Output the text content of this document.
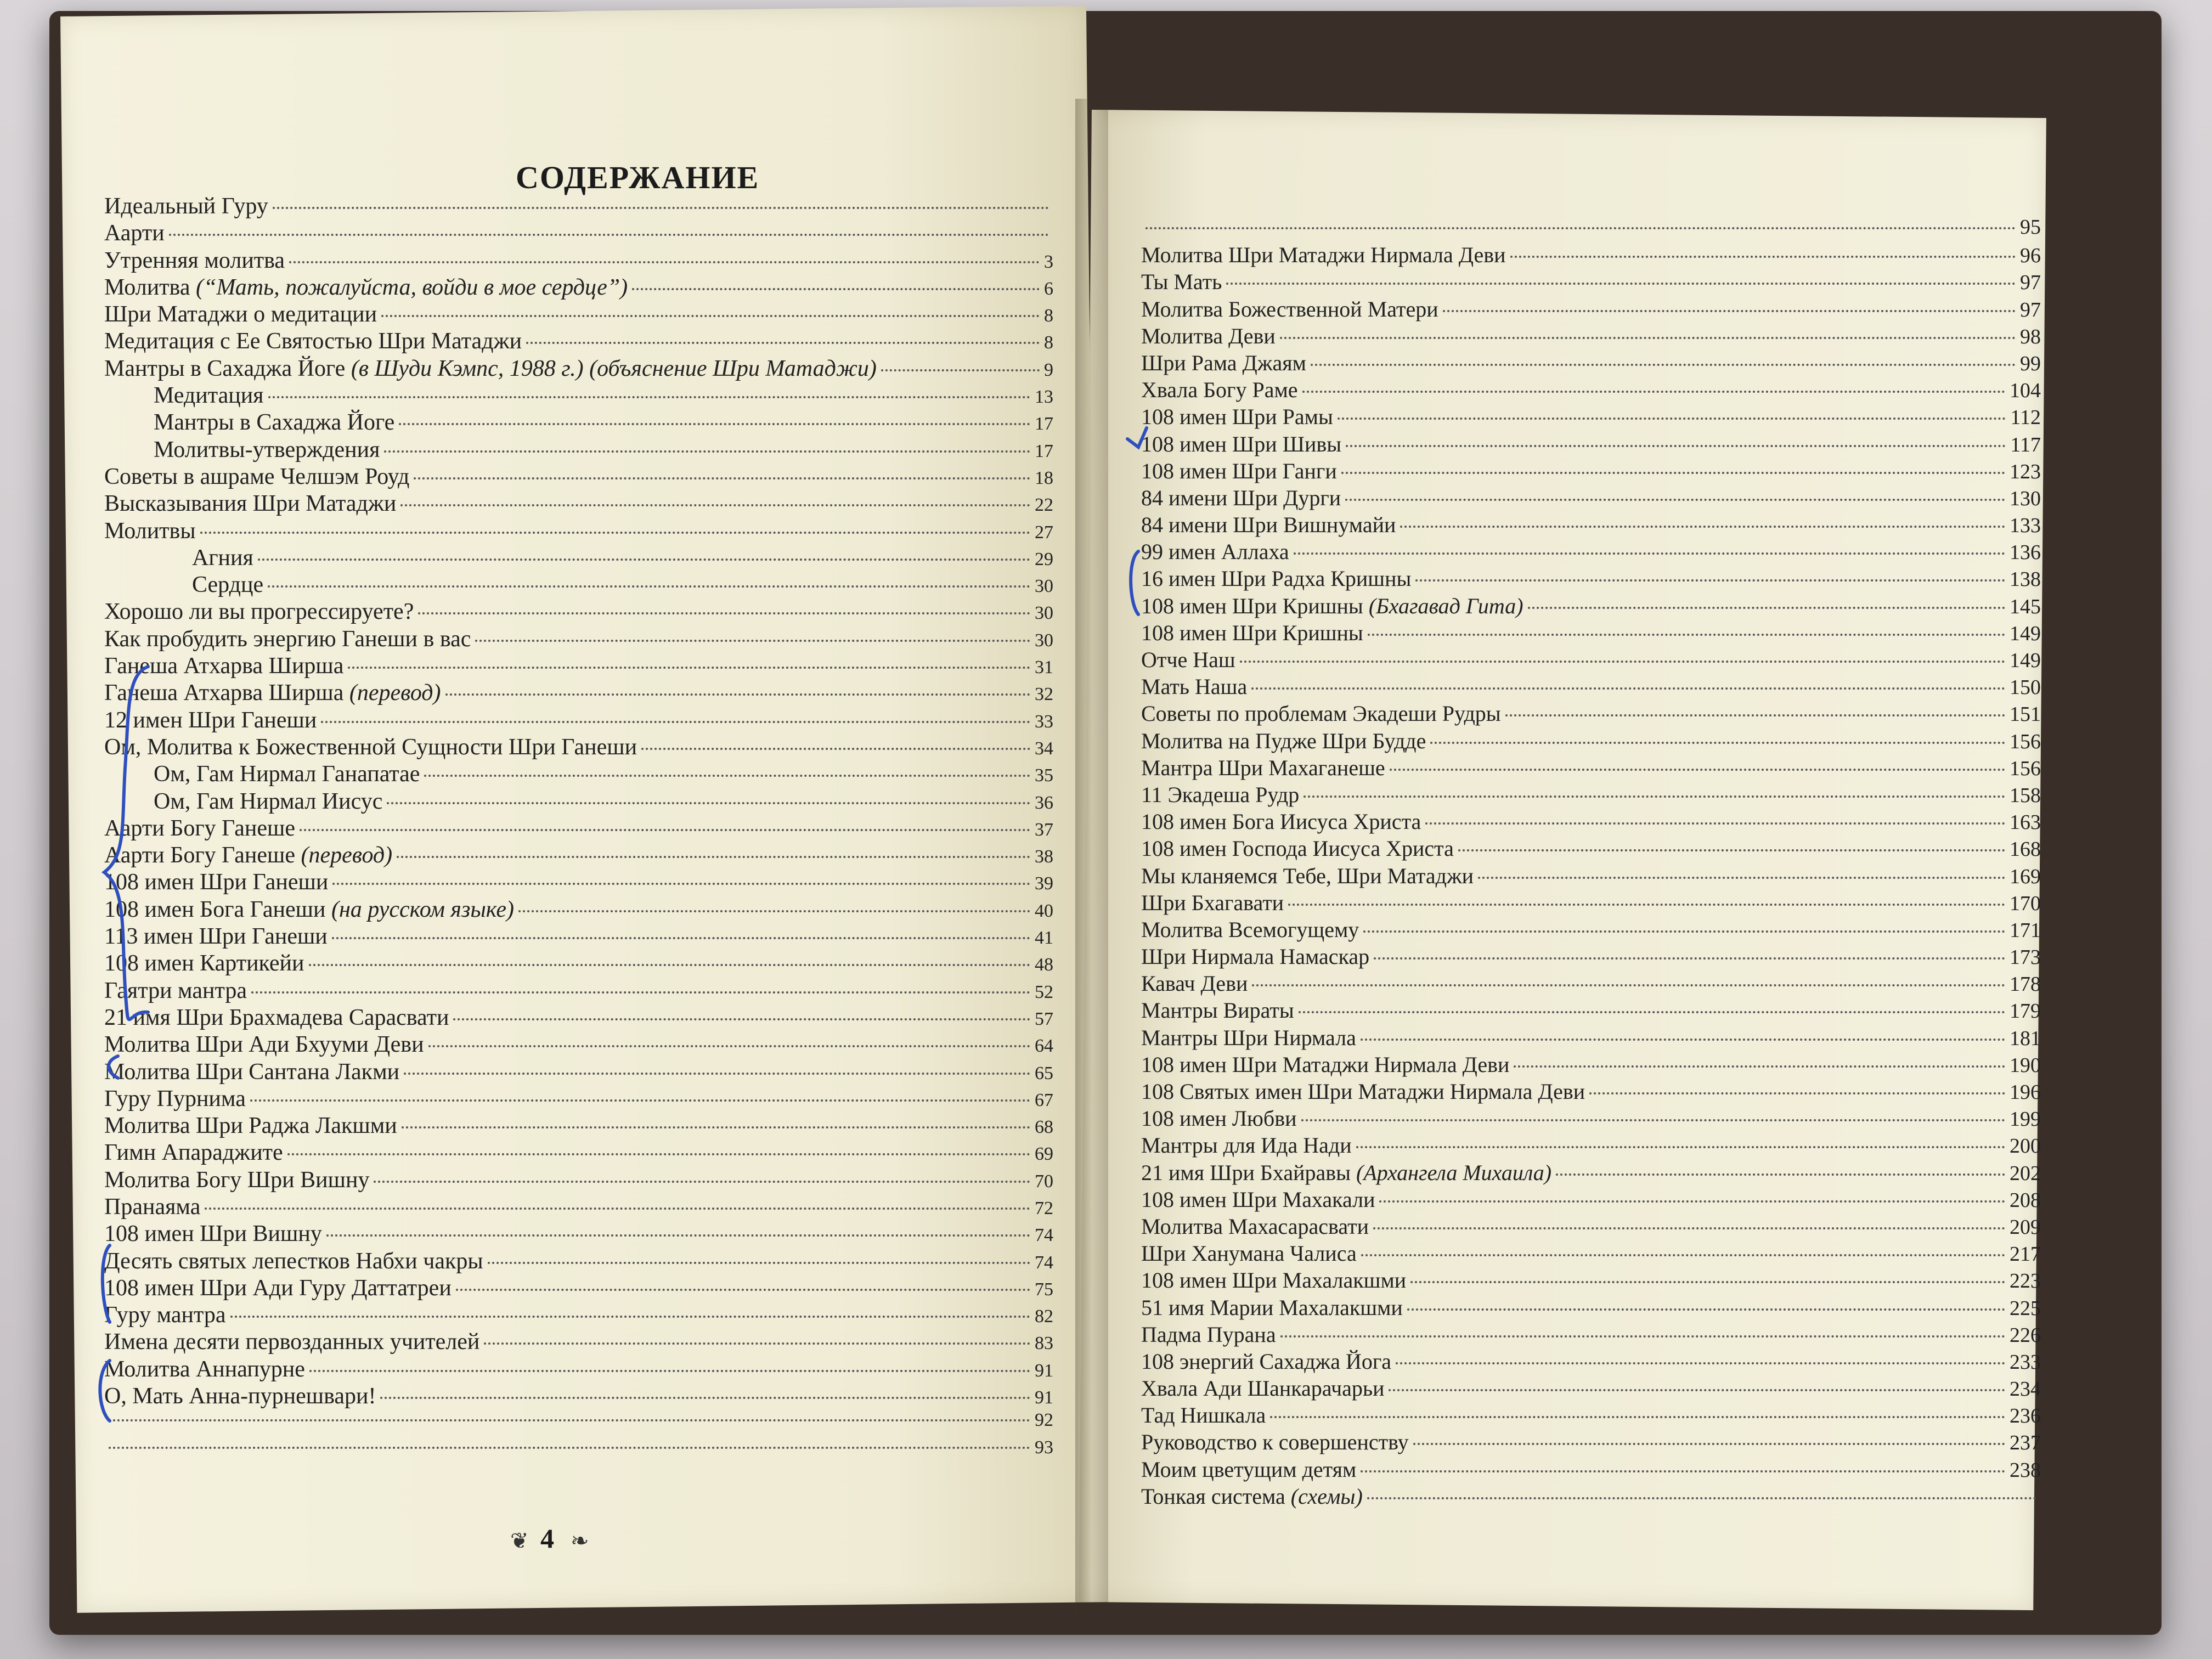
СОДЕРЖАНИЕ
Идеальный Гуру
Аарти
Утренняя молитва	3
Молитва (“Мать, пожалуйста, войди в мое сердце”)	6
Шри Матаджи о медитации	8
Медитация с Ее Святостью Шри Матаджи	8
Мантры в Сахаджа Йоге (в Шуди Кэмпс, 1988 г.) (объяснение Шри Матаджи)	9
Медитация	13
Мантры в Сахаджа Йоге	17
Молитвы-утверждения	17
Советы в ашраме Челшэм Роуд	18
Высказывания Шри Матаджи	22
Молитвы	27
Агния	29
Сердце	30
Хорошо ли вы прогрессируете?	30
Как пробудить энергию Ганеши в вас	30
Ганеша Атхарва Ширша	31
Ганеша Атхарва Ширша (перевод)	32
12 имен Шри Ганеши	33
Ом, Молитва к Божественной Сущности Шри Ганеши	34
Ом, Гам Нирмал Ганапатае	35
Ом, Гам Нирмал Иисус	36
Аарти Богу Ганеше	37
Аарти Богу Ганеше (перевод)	38
108 имен Шри Ганеши	39
108 имен Бога Ганеши (на русском языке)	40
113 имен Шри Ганеши	41
108 имен Картикейи	48
Гаятри мантра	52
21 имя Шри Брахмадева Сарасвати	57
Молитва Шри Ади Бхууми Деви	64
Молитва Шри Сантана Лакми	65
Гуру Пурнима	67
Молитва Шри Раджа Лакшми	68
Гимн Апараджите	69
Молитва Богу Шри Вишну	70
Пранаяма	72
108 имен Шри Вишну	74
Десять святых лепестков Набхи чакры	74
108 имен Шри Ади Гуру Даттатреи	75
Гуру мантра	82
Имена десяти первозданных учителей	83
Молитва Аннапурне	91
О, Мать Анна-пурнешвари!	91
92
93
95
Молитва Шри Матаджи Нирмала Деви	96
Ты Мать	97
Молитва Божественной Матери	97
Молитва Деви	98
Шри Рама Джаям	99
Хвала Богу Раме	104
108 имен Шри Рамы	112
108 имен Шри Шивы	117
108 имен Шри Ганги	123
84 имени Шри Дурги	130
84 имени Шри Вишнумайи	133
99 имен Аллаха	136
16 имен Шри Радха Кришны	138
108 имен Шри Кришны (Бхагавад Гита)	145
108 имен Шри Кришны	149
Отче Наш	149
Мать Наша	150
Советы по проблемам Экадеши Рудры	151
Молитва на Пудже Шри Будде	156
Мантра Шри Махаганеше	156
11 Экадеша Рудр	158
108 имен Бога Иисуса Христа	163
108 имен Господа Иисуса Христа	168
Мы кланяемся Тебе, Шри Матаджи	169
Шри Бхагавати	170
Молитва Всемогущему	171
Шри Нирмала Намаскар	173
Кавач Деви	178
Мантры Вираты	179
Мантры Шри Нирмала	181
108 имен Шри Матаджи Нирмала Деви	190
108 Святых имен Шри Матаджи Нирмала Деви	196
108 имен Любви	199
Мантры для Ида Нади	200
21 имя Шри Бхайравы (Архангела Михаила)	202
108 имен Шри Махакали	208
Молитва Махасарасвати	209
Шри Ханумана Чалиса	217
108 имен Шри Махалакшми	223
51 имя Марии Махалакшми	225
Падма Пурана	226
108 энергий Сахаджа Йога	233
Хвала Ади Шанкарачарьи	234
Тад Нишкала	236
Руководство к совершенству	237
Моим цветущим детям	238
Тонкая система (схемы)
❦ 4 ❧
